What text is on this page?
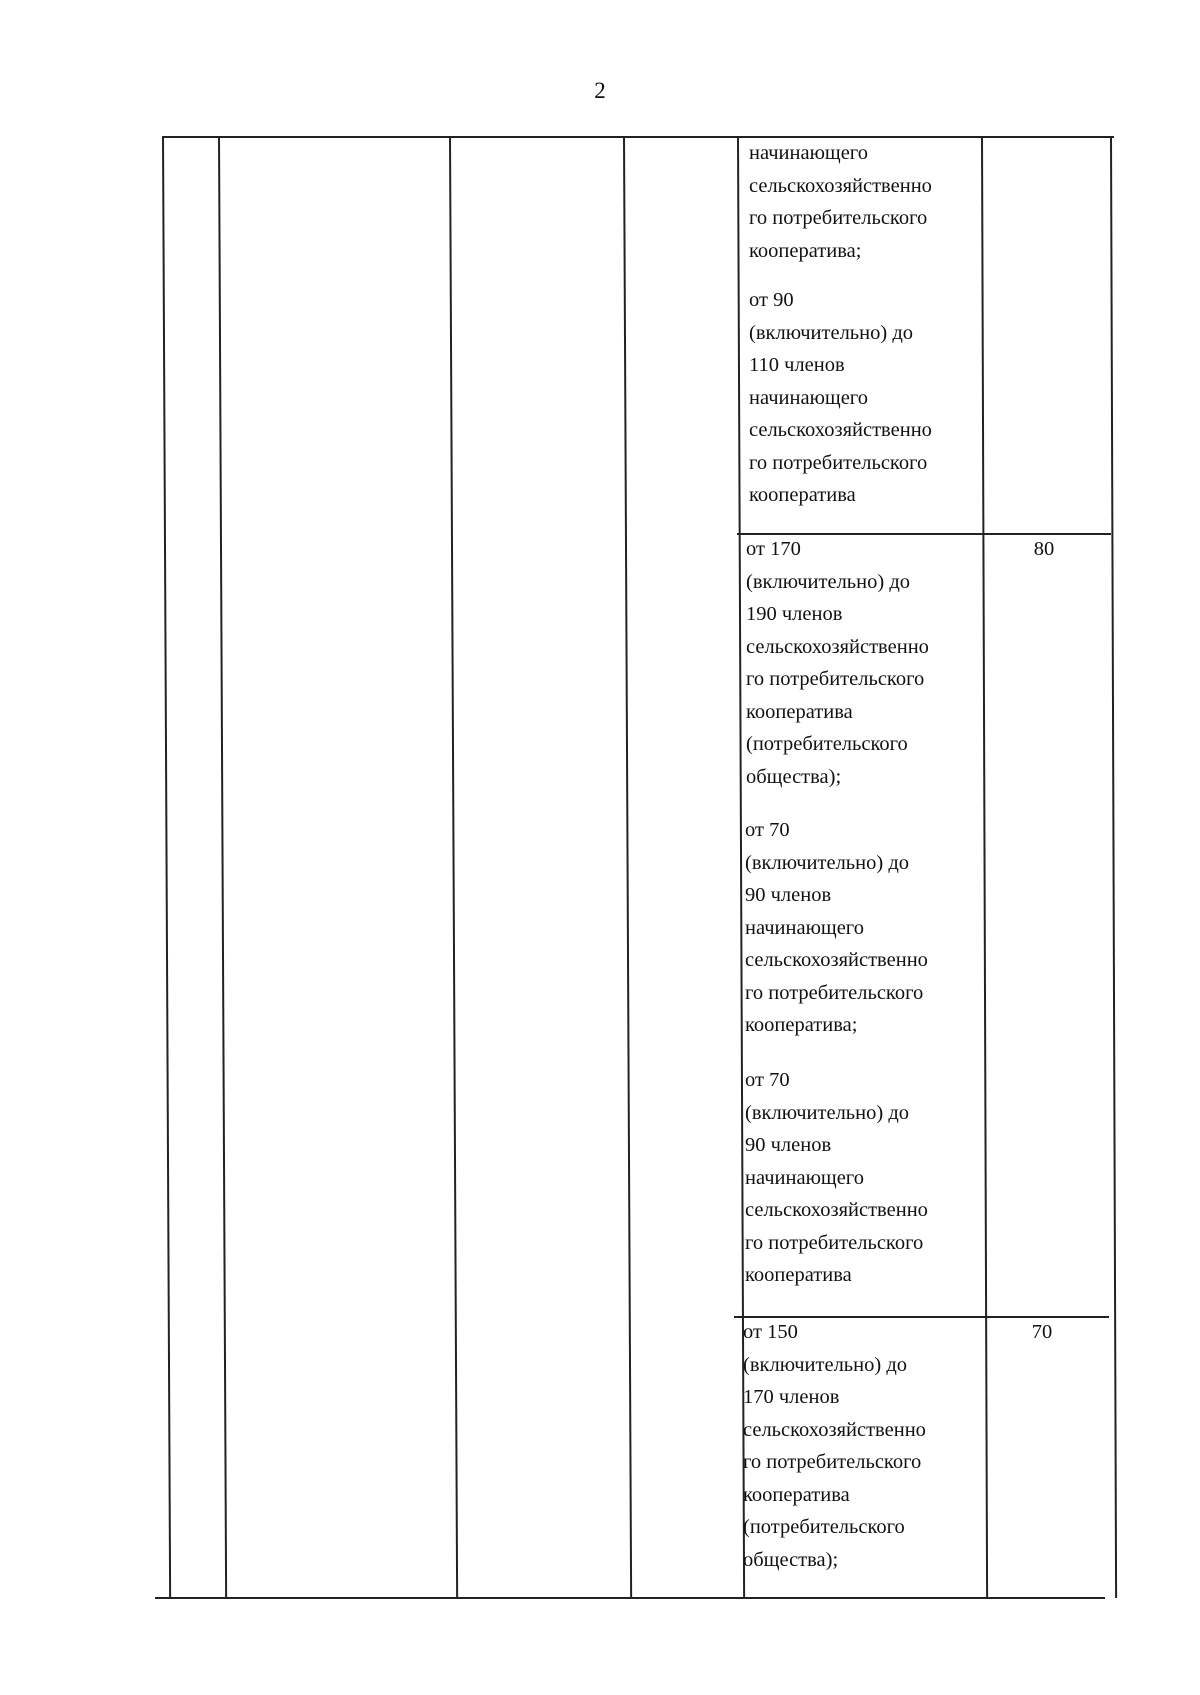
2
начинающего
сельскохозяйственно
го потребительского
кооператива;
от 90
(включительно) до
110 членов
начинающего
сельскохозяйственно
го потребительского
кооператива
от 170
(включительно) до
190 членов
сельскохозяйственно
го потребительского
кооператива
(потребительского
общества);
80
от 70
(включительно) до
90 членов
начинающего
сельскохозяйственно
го потребительского
кооператива;
от 70
(включительно) до
90 членов
начинающего
сельскохозяйственно
го потребительского
кооператива
от 150
(включительно) до
170 членов
сельскохозяйственно
го потребительского
кооператива
(потребительского
общества);
70
